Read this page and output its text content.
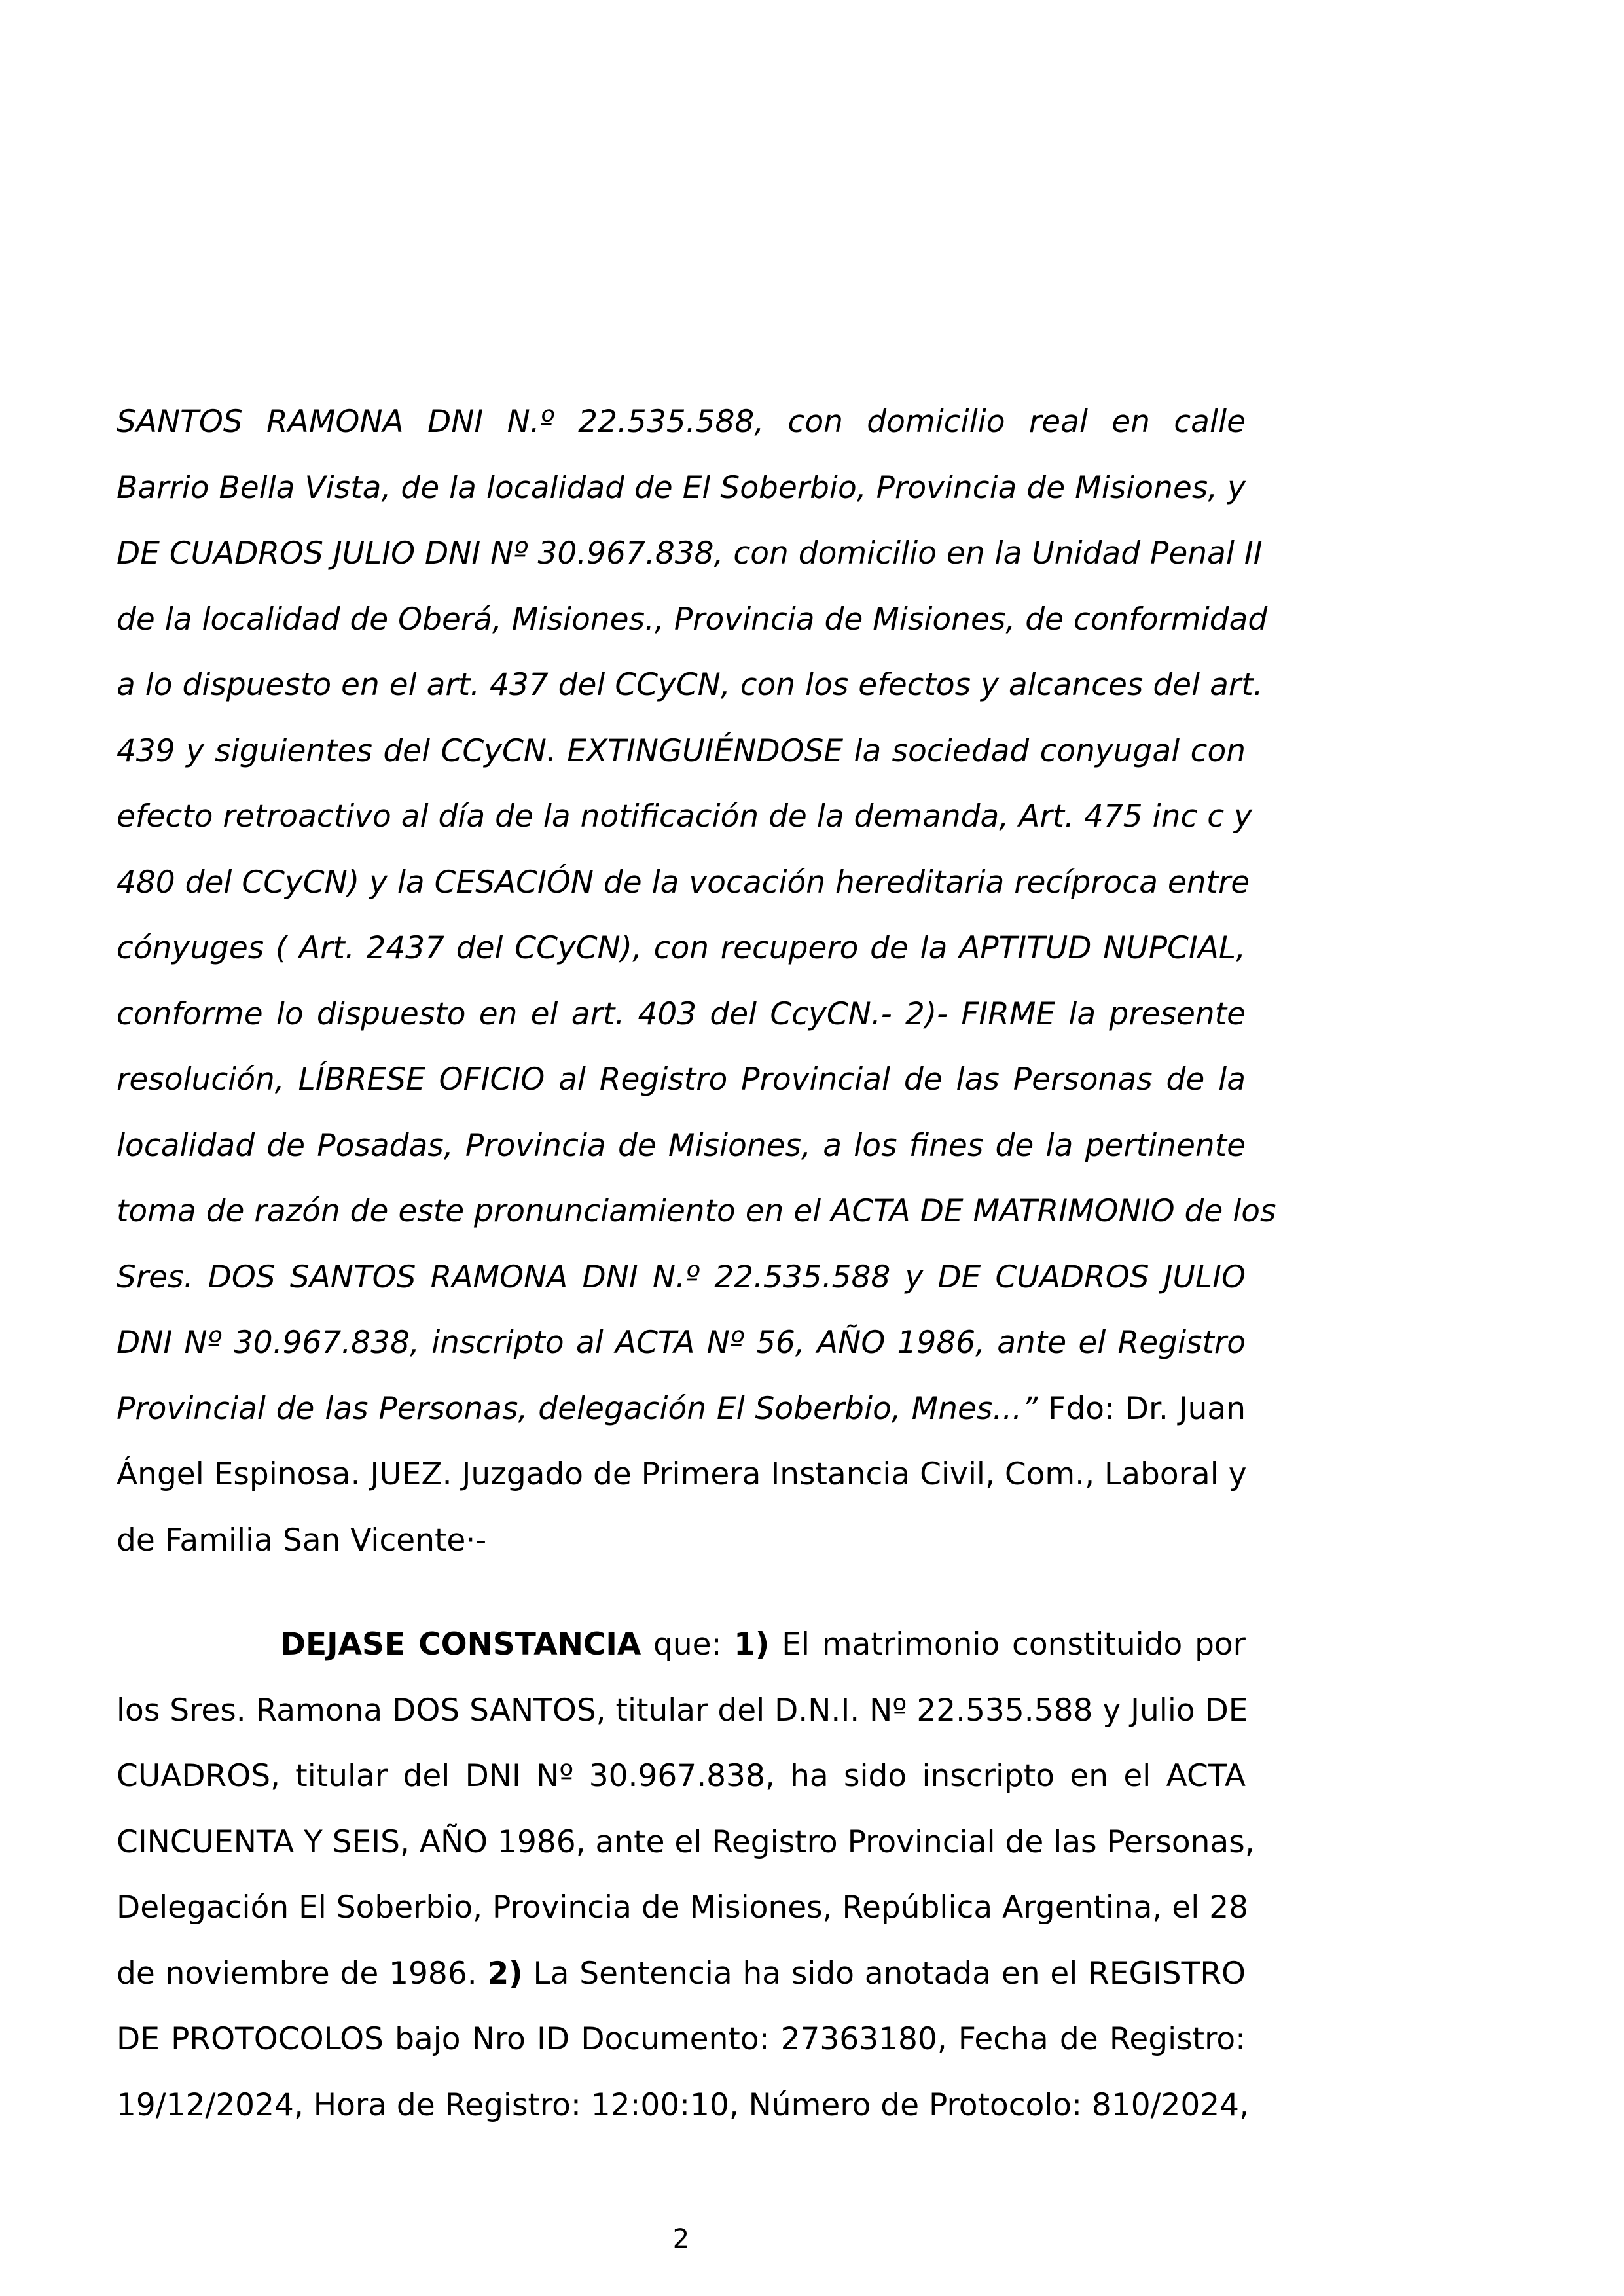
SANTOS RAMONA DNI N.º 22.535.588, con domicilio real en calle
Barrio Bella Vista, de la localidad de El Soberbio, Provincia de Misiones, y
DE CUADROS JULIO DNI Nº 30.967.838, con domicilio en la Unidad Penal II
de la localidad de Oberá, Misiones., Provincia de Misiones, de conformidad
a lo dispuesto en el art. 437 del CCyCN, con los efectos y alcances del art.
439 y siguientes del CCyCN. EXTINGUIÉNDOSE la sociedad conyugal con
efecto retroactivo al día de la notificación de la demanda, Art. 475 inc c y
480 del CCyCN) y la CESACIÓN de la vocación hereditaria recíproca entre
cónyuges ( Art. 2437 del CCyCN), con recupero de la APTITUD NUPCIAL,
conforme lo dispuesto en el art. 403 del CcyCN.- 2)- FIRME la presente
resolución, LÍBRESE OFICIO al Registro Provincial de las Personas de la
localidad de Posadas, Provincia de Misiones, a los fines de la pertinente
toma de razón de este pronunciamiento en el ACTA DE MATRIMONIO de los
Sres. DOS SANTOS RAMONA DNI N.º 22.535.588 y DE CUADROS JULIO
DNI Nº 30.967.838, inscripto al ACTA Nº 56, AÑO 1986, ante el Registro
Provincial de las Personas, delegación El Soberbio, Mnes...” Fdo: Dr. Juan
Ángel Espinosa. JUEZ. Juzgado de Primera Instancia Civil, Com., Laboral y
de Familia San Vicente·-
DEJASE CONSTANCIA que: 1) El matrimonio constituido por
los Sres. Ramona DOS SANTOS, titular del D.N.I. Nº 22.535.588 y Julio DE
CUADROS, titular del DNI Nº 30.967.838, ha sido inscripto en el ACTA
CINCUENTA Y SEIS, AÑO 1986, ante el Registro Provincial de las Personas,
Delegación El Soberbio, Provincia de Misiones, República Argentina, el 28
de noviembre de 1986. 2) La Sentencia ha sido anotada en el REGISTRO
DE PROTOCOLOS bajo Nro ID Documento: 27363180, Fecha de Registro:
19/12/2024, Hora de Registro: 12:00:10, Número de Protocolo: 810/2024,
2
